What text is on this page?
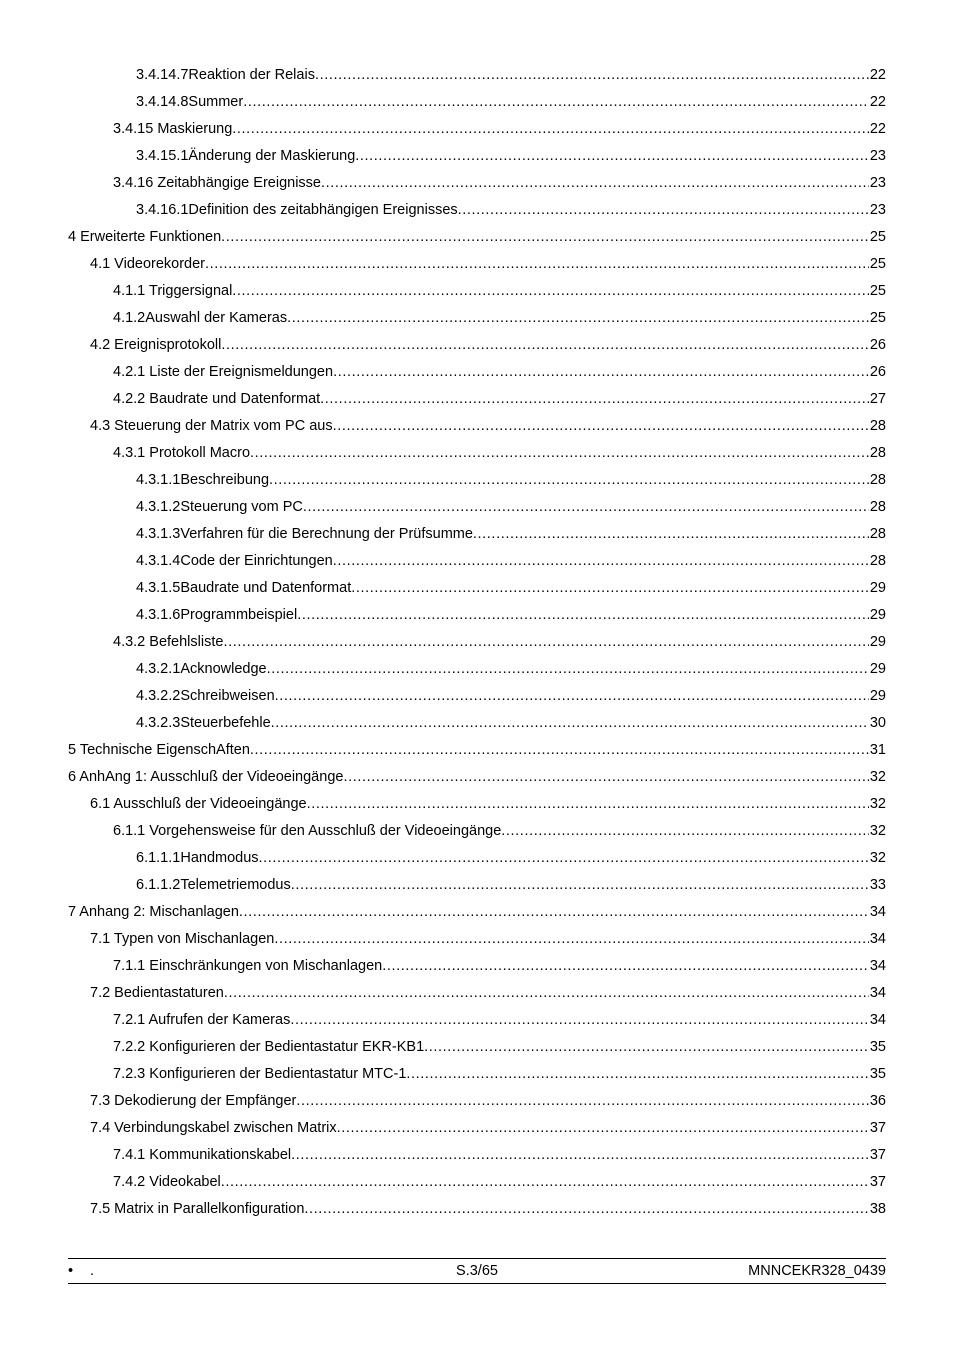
3.4.14.7Reaktion der Relais .....	22
3.4.14.8Summer .....	22
3.4.15 Maskierung .....	22
3.4.15.1Änderung der Maskierung .....	23
3.4.16 Zeitabhängige Ereignisse .....	23
3.4.16.1Definition des zeitabhängigen Ereignisses .....	23
4 Erweiterte Funktionen .....	25
4.1 Videorekorder .....	25
4.1.1 Triggersignal .....	25
4.1.2Auswahl der Kameras .....	25
4.2 Ereignisprotokoll .....	26
4.2.1 Liste der Ereignismeldungen .....	26
4.2.2 Baudrate und Datenformat .....	27
4.3 Steuerung der Matrix vom PC aus .....	28
4.3.1 Protokoll Macro .....	28
4.3.1.1Beschreibung .....	28
4.3.1.2Steuerung vom PC .....	28
4.3.1.3Verfahren für die Berechnung der Prüfsumme .....	28
4.3.1.4Code der Einrichtungen .....	28
4.3.1.5Baudrate und Datenformat .....	29
4.3.1.6Programmbeispiel .....	29
4.3.2 Befehlsliste .....	29
4.3.2.1Acknowledge .....	29
4.3.2.2Schreibweisen .....	29
4.3.2.3Steuerbefehle .....	30
5 Technische EigenschAften .....	31
6 AnhAng 1: Ausschluß der Videoeingänge .....	32
6.1 Ausschluß der Videoeingänge .....	32
6.1.1 Vorgehensweise für den Ausschluß der Videoeingänge .....	32
6.1.1.1Handmodus .....	32
6.1.1.2Telemetriemodus .....	33
7 Anhang 2: Mischanlagen .....	34
7.1 Typen von Mischanlagen .....	34
7.1.1 Einschränkungen von Mischanlagen .....	34
7.2 Bedientastaturen .....	34
7.2.1 Aufrufen der Kameras .....	34
7.2.2 Konfigurieren der Bedientastatur EKR-KB1 .....	35
7.2.3 Konfigurieren der Bedientastatur MTC-1 .....	35
7.3 Dekodierung der Empfänger .....	36
7.4 Verbindungskabel zwischen Matrix .....	37
7.4.1 Kommunikationskabel .....	37
7.4.2 Videokabel .....	37
7.5 Matrix in Parallelkonfiguration .....	38
• .	S.3/65	MNNCEKR328_0439
